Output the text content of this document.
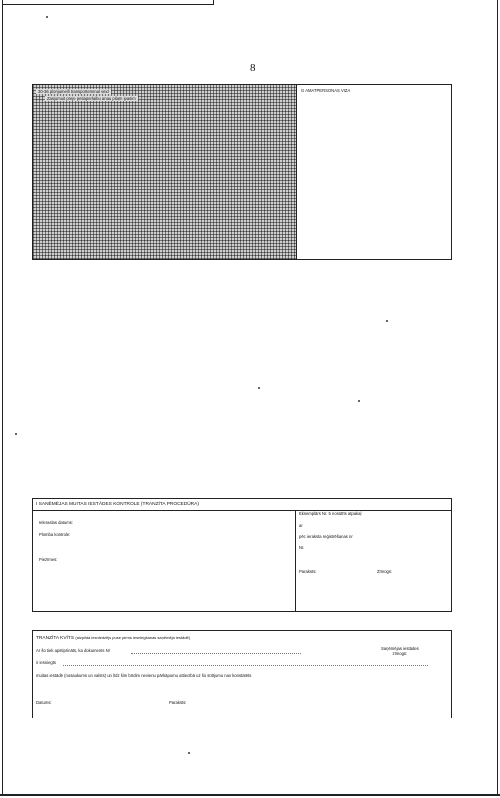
8
30-36 plorijumelli transportemmal veid
Zasjumuit preje petiaperlaibu anau pilam ipasim
G AMATPERSONAS VIZA
I SANĒMĒJAS MUITAS IESTĀDES KONTROLE (TRANZĪTA PROCEDŪRA)
Ieleraslas datums:
Plomba kontrole:
Piezīmes:
Eksemplārs Nr. 5 nosūtīts atpakaļ
ar
pēc ieraksta reģistrēšanas nr
Nr.
Paraksts:	Zīmogs:
TRANZĪTA KVĪTS (aizpilda iesniedzējs puse pirms iesniegšanas saņēmēja iestādē)
Ar šo tiek apstiprināts, ka dokuments Nr
ir iesniegts
muitas iestādē (nosaukums un valsts) un līdz šim brīdim nevienu pārkāpumu attiecībā uz šo sūtījumu nav konstatēts
Saņēmējas iestādes
zīmogs:
Datums:	Paraksts:
